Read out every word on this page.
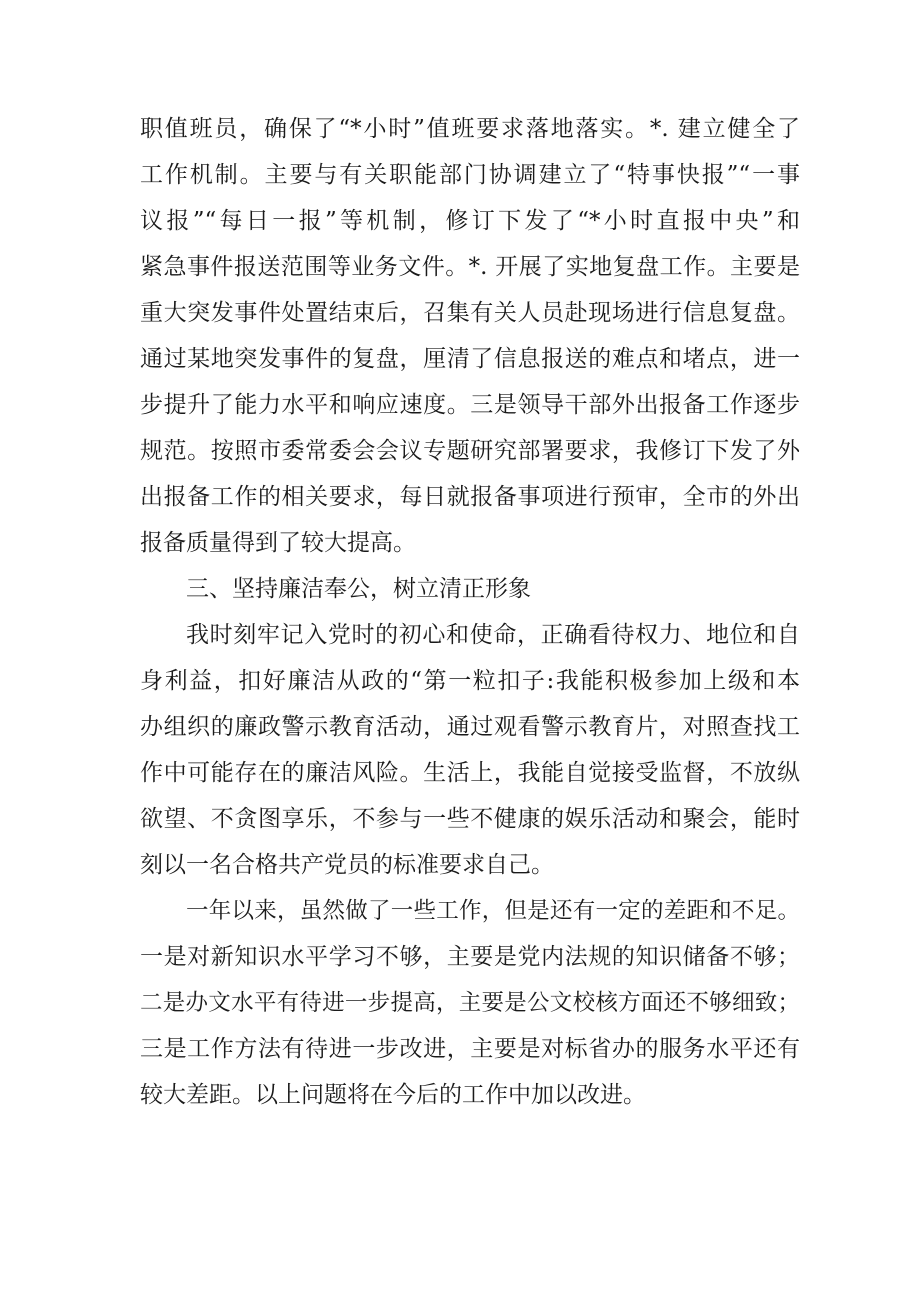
职值班员，确保了“*小时”值班要求落地落实。*. 建立健全了
工作机制。主要与有关职能部门协调建立了“特事快报”“一事
议报”“每日一报”等机制，修订下发了“*小时直报中央”和
紧急事件报送范围等业务文件。*. 开展了实地复盘工作。主要是
重大突发事件处置结束后，召集有关人员赴现场进行信息复盘。
通过某地突发事件的复盘，厘清了信息报送的难点和堵点，进一
步提升了能力水平和响应速度。三是领导干部外出报备工作逐步
规范。按照市委常委会会议专题研究部署要求，我修订下发了外
出报备工作的相关要求，每日就报备事项进行预审，全市的外出
报备质量得到了较大提高。
三、坚持廉洁奉公，树立清正形象
我时刻牢记入党时的初心和使命，正确看待权力、地位和自
身利益，扣好廉洁从政的“第一粒扣子:我能积极参加上级和本
办组织的廉政警示教育活动，通过观看警示教育片，对照查找工
作中可能存在的廉洁风险。生活上，我能自觉接受监督，不放纵
欲望、不贪图享乐，不参与一些不健康的娱乐活动和聚会，能时
刻以一名合格共产党员的标准要求自己。
一年以来，虽然做了一些工作，但是还有一定的差距和不足。
一是对新知识水平学习不够，主要是党内法规的知识储备不够；
二是办文水平有待进一步提高，主要是公文校核方面还不够细致；
三是工作方法有待进一步改进，主要是对标省办的服务水平还有
较大差距。以上问题将在今后的工作中加以改进。
